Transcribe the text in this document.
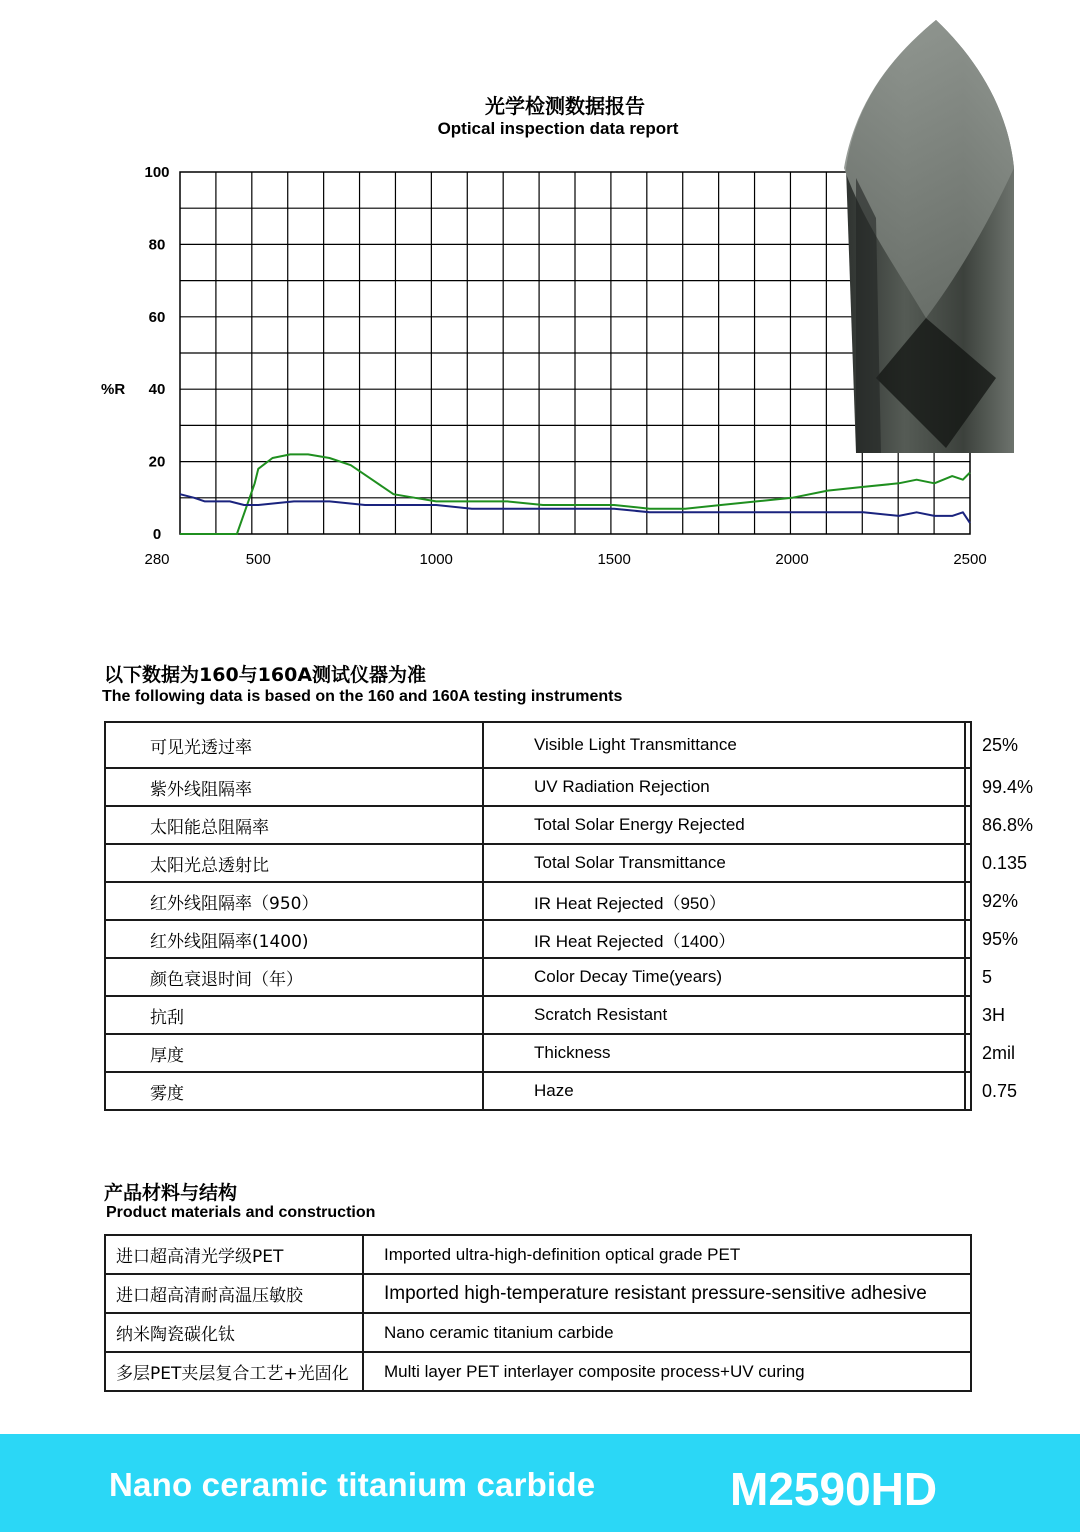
光学检测数据报告
Optical inspection data report
0
20
40
60
80
100
280	500	1000	1500	2000	2500
%R
以下数据为160与160A测试仪器为准
The following data is based on the 160 and 160A testing instruments
可见光透过率	Visible Light Transmittance	25%
紫外线阻隔率	UV Radiation Rejection	99.4%
太阳能总阻隔率	Total Solar Energy Rejected	86.8%
太阳光总透射比	Total Solar Transmittance	0.135
红外线阻隔率（950）	IR Heat Rejected（950）	92%
红外线阻隔率(1400)	IR Heat Rejected（1400）	95%
颜色衰退时间（年）	Color Decay Time(years)	5
抗刮	Scratch Resistant	3H
厚度	Thickness	2mil
雾度	Haze	0.75
产品材料与结构
Product materials and construction
进口超高清光学级PET	Imported ultra-high-definition optical grade PET
进口超高清耐高温压敏胶	Imported high-temperature resistant pressure-sensitive adhesive
纳米陶瓷碳化钛	Nano ceramic titanium carbide
多层PET夹层复合工艺+光固化	Multi layer PET interlayer composite process+UV curing
Nano ceramic titanium carbide	M2590HD
